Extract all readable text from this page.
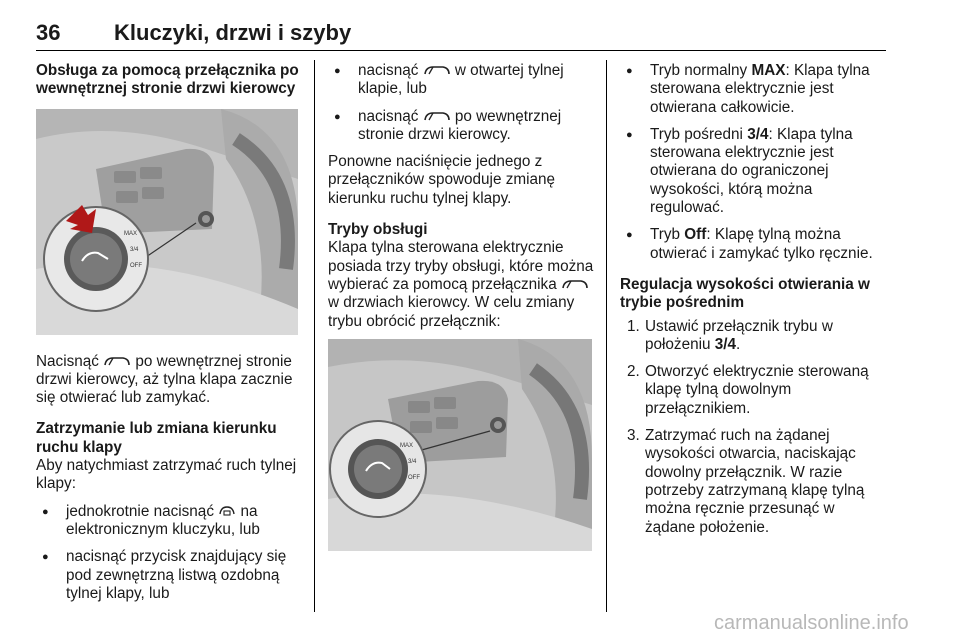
36 Kluczyki, drzwi i szyby

Obsługa za pomocą przełącznika po wewnętrznej stronie drzwi kierowcy

MAX
3/4
OFF

Nacisnąć po wewnętrznej stronie drzwi kierowcy, aż tylna klapa zacznie się otwierać lub zamykać.

Zatrzymanie lub zmiana kierunku ruchu klapy

Aby natychmiast zatrzymać ruch tylnej klapy:

● jednokrotnie nacisnąć na elektronicznym kluczyku, lub
● nacisnąć przycisk znajdujący się pod zewnętrzną listwą ozdobną tylnej klapy, lub
● nacisnąć w otwartej tylnej klapie, lub
● nacisnąć po wewnętrznej stronie drzwi kierowcy.

Ponowne naciśnięcie jednego z przełączników spowoduje zmianę kierunku ruchu tylnej klapy.

Tryby obsługi

Klapa tylna sterowana elektrycznie posiada trzy tryby obsługi, które można wybierać za pomocą przełącznika  w drzwiach kierowcy. W celu zmiany trybu obrócić przełącznik:

MAX
3/4
OFF
● Tryb normalny MAX: Klapa tylna sterowana elektrycznie jest otwierana całkowicie.
● Tryb pośredni 3/4: Klapa tylna sterowana elektrycznie jest otwierana do ograniczonej wysokości, którą można regulować.
● Tryb Off: Klapę tylną można otwierać i zamykać tylko ręcznie.

Regulacja wysokości otwierania w trybie pośrednim

1. Ustawić przełącznik trybu w położeniu 3/4.
2. Otworzyć elektrycznie sterowaną klapę tylną dowolnym przełącznikiem.
3. Zatrzymać ruch na żądanej wysokości otwarcia, naciskając dowolny przełącznik. W razie potrzeby zatrzymaną klapę tylną można ręcznie przesunąć w żądane położenie.
carmanualsonline.info
